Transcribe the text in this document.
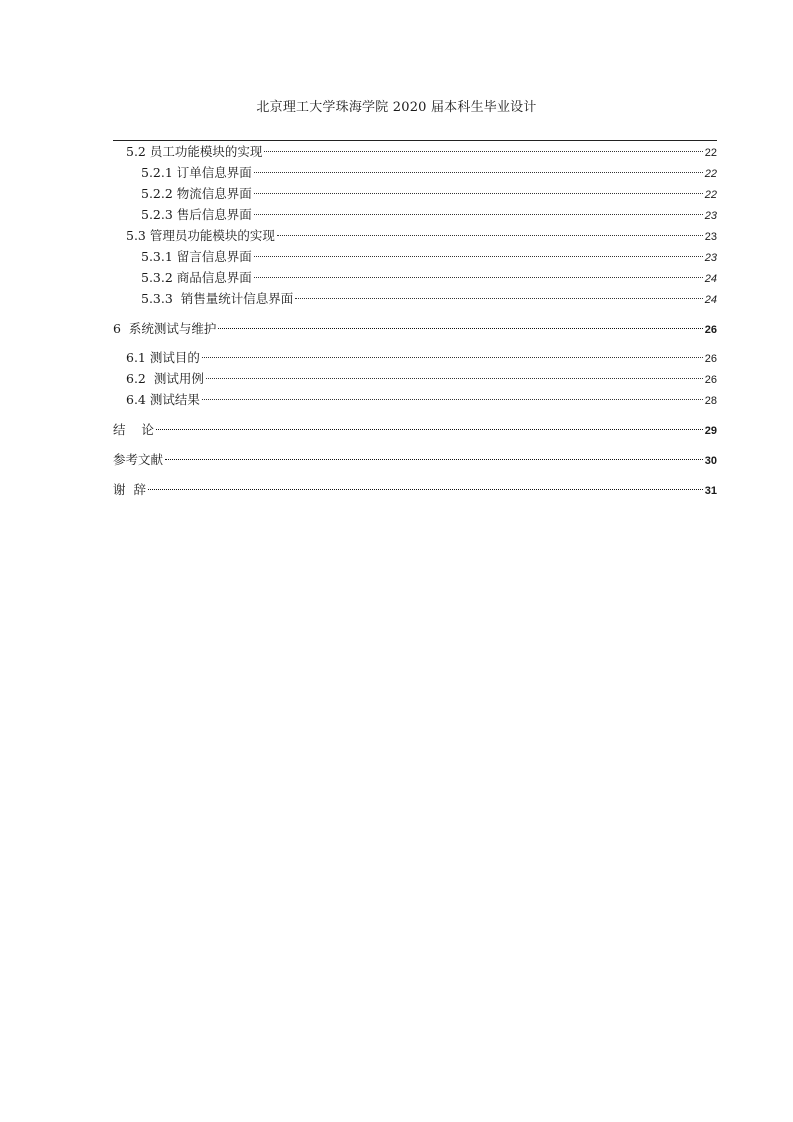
北京理工大学珠海学院 2020 届本科生毕业设计
5.2 员工功能模块的实现	22
5.2.1 订单信息界面	22
5.2.2 物流信息界面	22
5.2.3 售后信息界面	23
5.3 管理员功能模块的实现	23
5.3.1 留言信息界面	23
5.3.2 商品信息界面	24
5.3.3  销售量统计信息界面	24
6  系统测试与维护	26
6.1 测试目的	26
6.2  测试用例	26
6.4 测试结果	28
结    论	29
参考文献	30
谢  辞	31
